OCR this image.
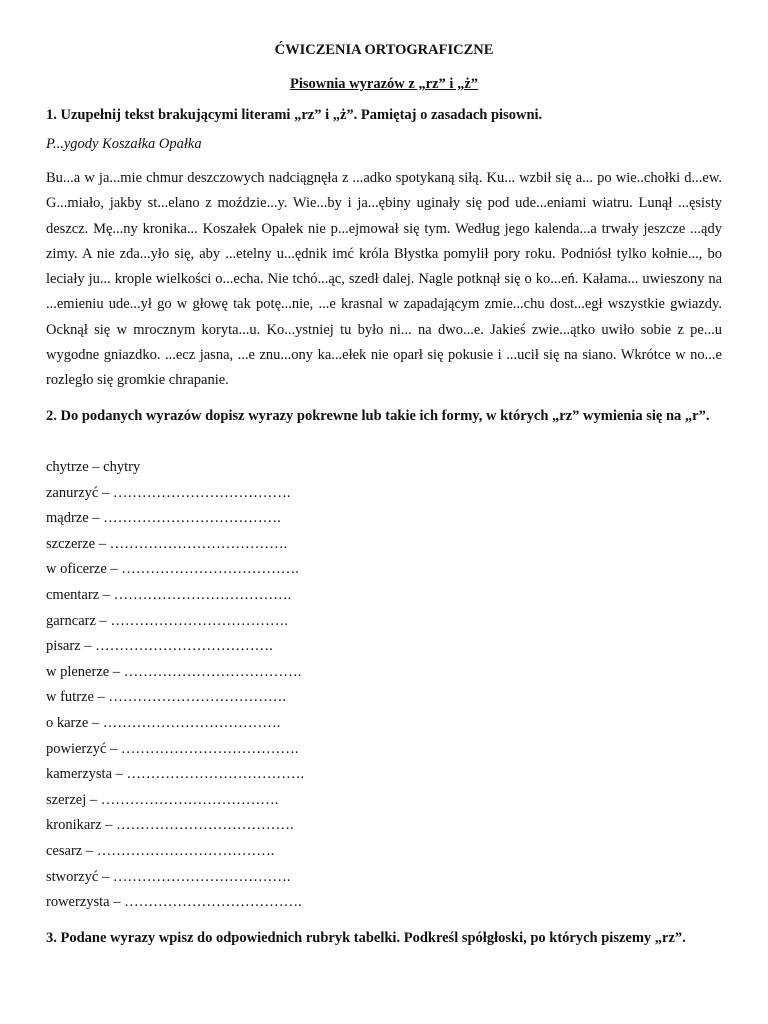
ĆWICZENIA ORTOGRAFICZNE
Pisownia wyrazów z „rz” i „ż”
1. Uzupełnij tekst brakującymi literami „rz” i „ż”. Pamiętaj o zasadach pisowni.
P...ygody Koszałka Opałka

Bu...a w ja...mie chmur deszczowych nadciągnęła z ...adko spotykaną siłą. Ku... wzbił się a... po wie..chołki d...ew. G...miało, jakby st...elano z moździe...y. Wie...by i ja...ębiny uginały się pod ude...eniami wiatru. Lunął ...ęsisty deszcz. Mę...ny kronika... Koszałek Opałek nie p...ejmował się tym. Według jego kalenda...a trwały jeszcze ...ądy zimy. A nie zda...yło się, aby ...etelny u...ędnik imć króla Błystka pomylił pory roku. Podniósł tylko kołnie..., bo leciały ju... krople wielkości o...echa. Nie tchó...ąc, szedł dalej. Nagle potknął się o ko...eń. Kałama... uwieszony na ...emieniu ude...ył go w głowę tak potę...nie, ...e krasnal w zapadającym zmie...chu dost...egł wszystkie gwiazdy. Ocknął się w mrocznym koryta...u. Ko...ystniej tu było ni... na dwo...e. Jakieś zwie...ątko uwiło sobie z pe...u wygodne gniazdko. ...ecz jasna, ...e znu...ony ka...ełek nie oparł się pokusie i ...ucił się na siano. Wkrótce w no...e rozległo się gromkie chrapanie.

2. Do podanych wyrazów dopisz wyrazy pokrewne lub takie ich formy, w których „rz” wymienia się na „r”.
chytrze – chytry
zanurzyć – ……………………………….
mądrze – ……………………………….
szczerze – ……………………………….
w oficerze – ……………………………….
cmentarz – ……………………………….
garncarz – ……………………………….
pisarz – ……………………………….
w plenerze – ……………………………….
w futrze – ……………………………….
o karze – ……………………………….
powierzyć – ……………………………….
kamerzysta – ……………………………….
szerzej – ……………………………….
kronikarz – ……………………………….
cesarz – ……………………………….
stworzyć – ……………………………….
rowerzysta – ……………………………….
3. Podane wyrazy wpisz do odpowiednich rubryk tabelki. Podkreśl spółgłoski, po których piszemy „rz”.
